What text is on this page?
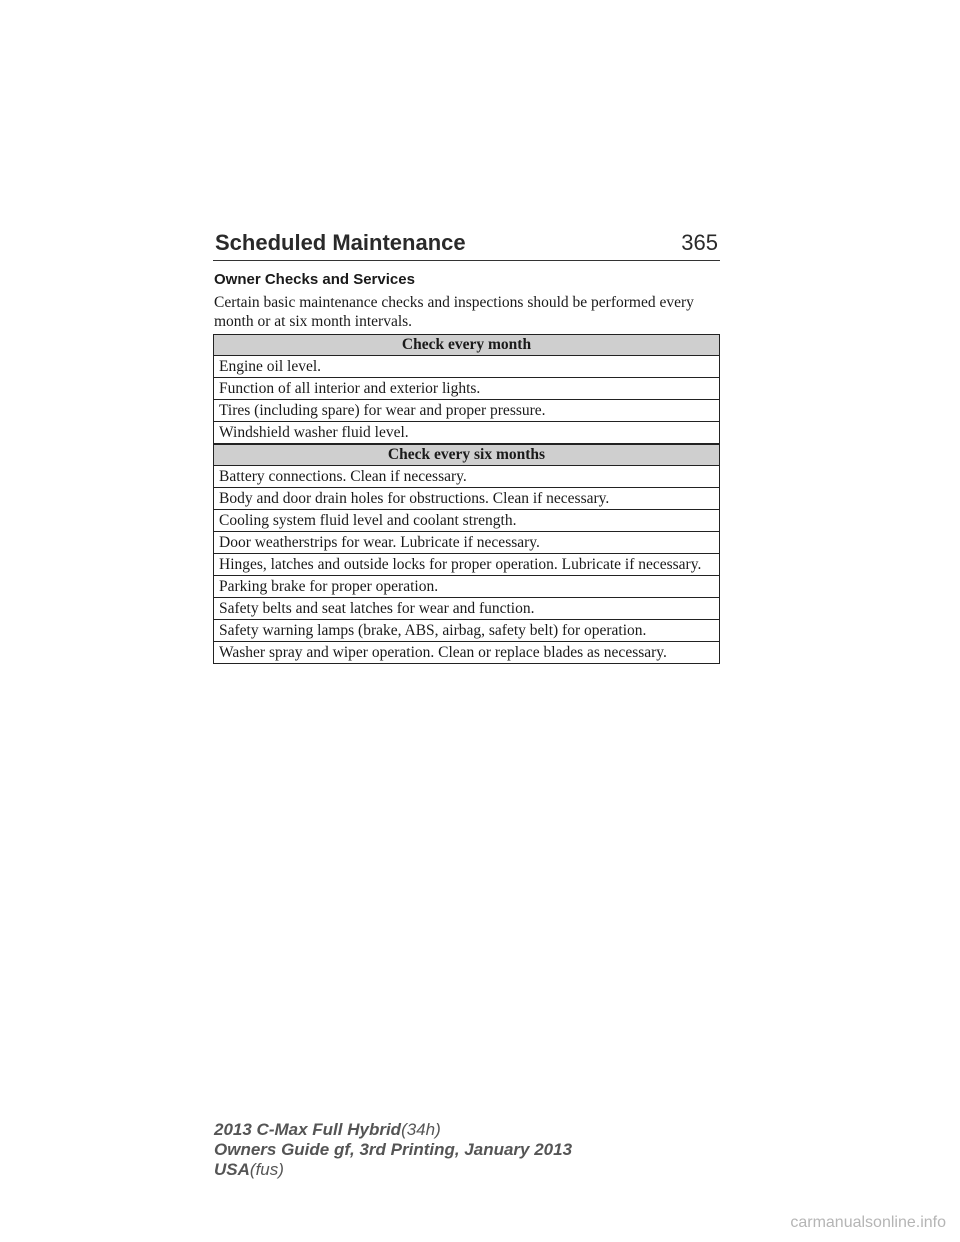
Scheduled Maintenance	365
Owner Checks and Services
Certain basic maintenance checks and inspections should be performed every month or at six month intervals.
Check every month
Engine oil level.
Function of all interior and exterior lights.
Tires (including spare) for wear and proper pressure.
Windshield washer fluid level.
Check every six months
Battery connections. Clean if necessary.
Body and door drain holes for obstructions. Clean if necessary.
Cooling system fluid level and coolant strength.
Door weatherstrips for wear. Lubricate if necessary.
Hinges, latches and outside locks for proper operation. Lubricate if necessary.
Parking brake for proper operation.
Safety belts and seat latches for wear and function.
Safety warning lamps (brake, ABS, airbag, safety belt) for operation.
Washer spray and wiper operation. Clean or replace blades as necessary.
2013 C-Max Full Hybrid(34h)
Owners Guide gf, 3rd Printing, January 2013
USA(fus)
carmanualsonline.info
